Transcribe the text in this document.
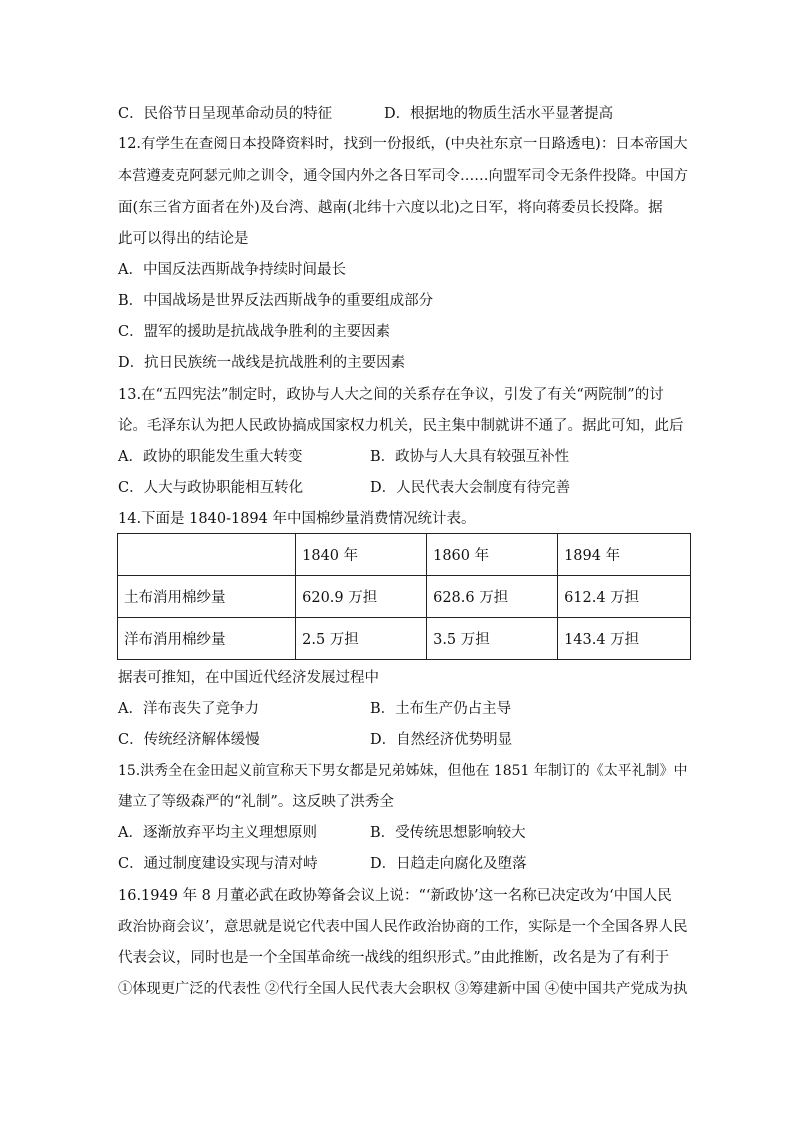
C．民俗节日呈现革命动员的特征	D．根据地的物质生活水平显著提高
12.有学生在查阅日本投降资料时，找到一份报纸，(中央社东京一日路透电)：日本帝国大
本营遵麦克阿瑟元帅之训令，通令国内外之各日军司令……向盟军司令无条件投降。中国方
面(东三省方面者在外)及台湾、越南(北纬十六度以北)之日军，将向蒋委员长投降。据
此可以得出的结论是
A．中国反法西斯战争持续时间最长
B．中国战场是世界反法西斯战争的重要组成部分
C．盟军的援助是抗战战争胜利的主要因素
D．抗日民族统一战线是抗战胜利的主要因素
13.在“五四宪法”制定时，政协与人大之间的关系存在争议，引发了有关“两院制”的讨
论。毛泽东认为把人民政协搞成国家权力机关，民主集中制就讲不通了。据此可知，此后
A．政协的职能发生重大转变	B．政协与人大具有较强互补性
C．人大与政协职能相互转化	D．人民代表大会制度有待完善
14.下面是 1840-1894 年中国棉纱量消费情况统计表。
	1840 年	1860 年	1894 年
土布消用棉纱量	620.9 万担	628.6 万担	612.4 万担
洋布消用棉纱量	2.5 万担	3.5 万担	143.4 万担
据表可推知，在中国近代经济发展过程中
A．洋布丧失了竞争力	B．土布生产仍占主导
C．传统经济解体缓慢	D．自然经济优势明显
15.洪秀全在金田起义前宣称天下男女都是兄弟姊妹，但他在 1851 年制订的《太平礼制》中
建立了等级森严的“礼制”。这反映了洪秀全
A．逐渐放弃平均主义理想原则	B．受传统思想影响较大
C．通过制度建设实现与清对峙	D．日趋走向腐化及堕落
16.1949 年 8 月董必武在政协筹备会议上说：“‘新政协’这一名称已决定改为‘中国人民
政治协商会议’，意思就是说它代表中国人民作政治协商的工作，实际是一个全国各界人民
代表会议，同时也是一个全国革命统一战线的组织形式。”由此推断，改名是为了有利于
①体现更广泛的代表性 ②代行全国人民代表大会职权 ③筹建新中国 ④使中国共产党成为执
